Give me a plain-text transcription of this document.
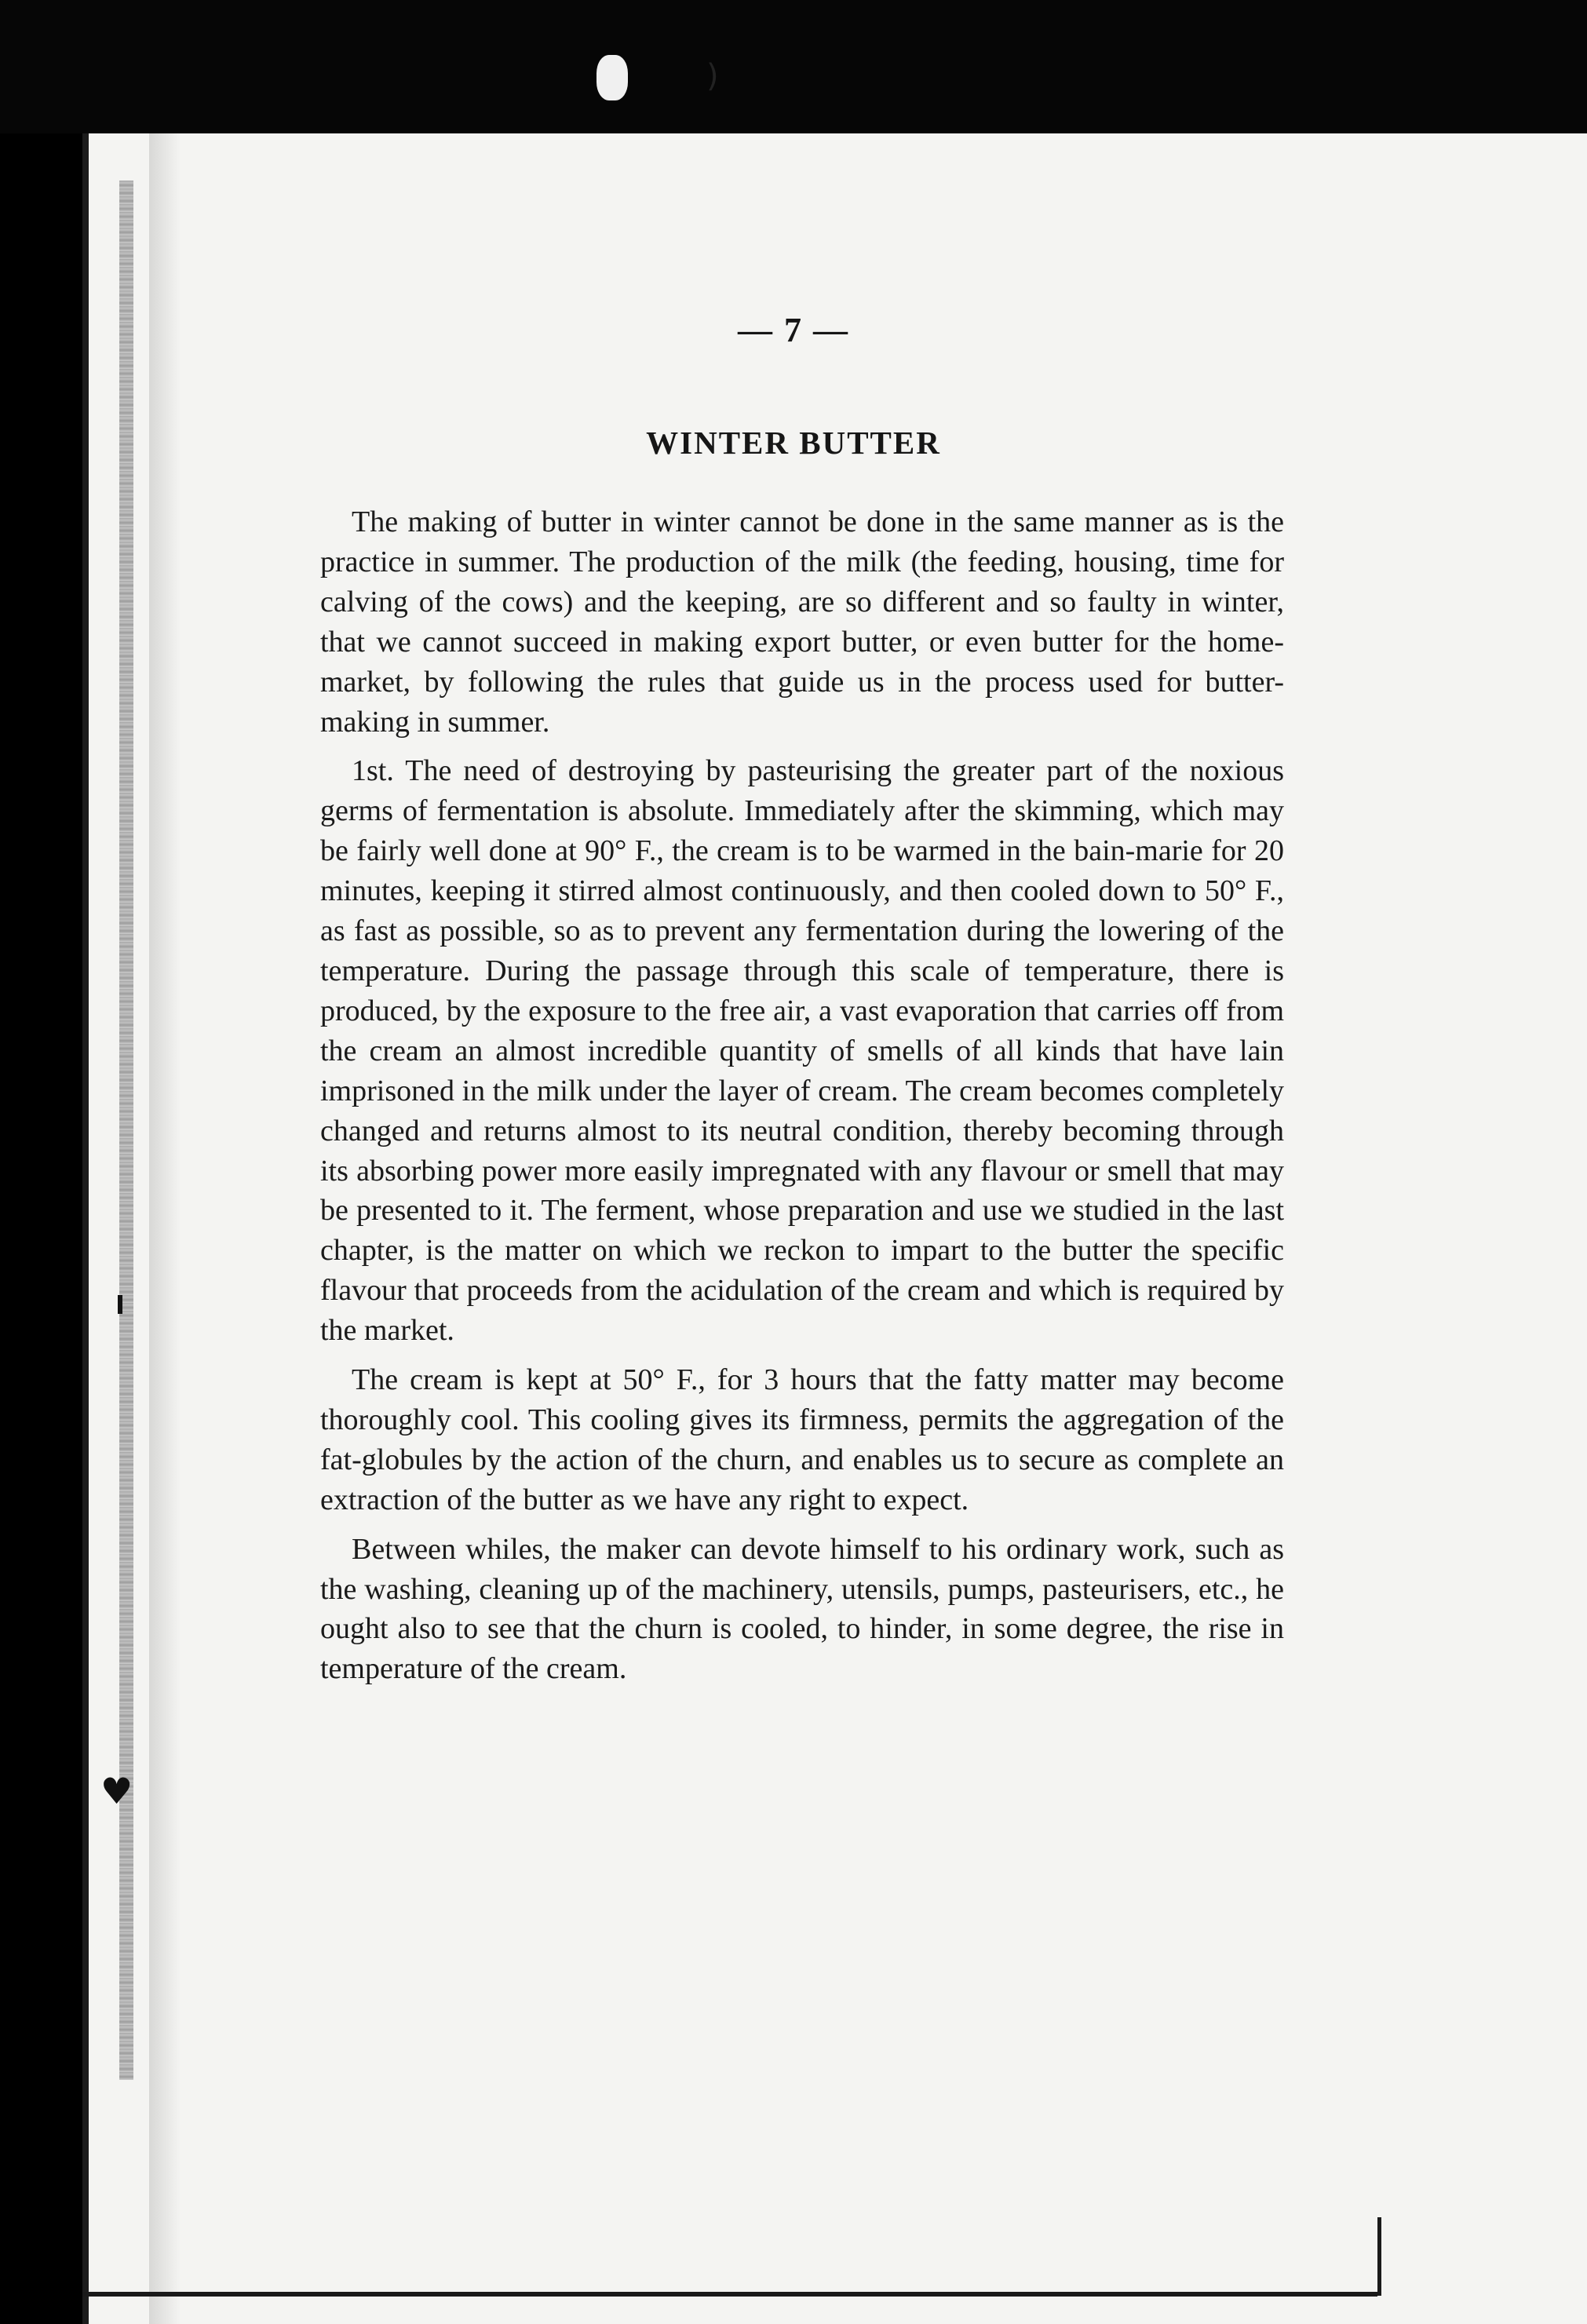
)
♥
— 7 —
WINTER BUTTER

The making of butter in winter cannot be done in the same manner as is the practice in summer. The production of the milk (the feeding, housing, time for calving of the cows) and the keeping, are so different and so faulty in winter, that we cannot succeed in making export butter, or even butter for the home-market, by following the rules that guide us in the process used for butter-making in summer.

1st. The need of destroying by pasteurising the greater part of the noxious germs of fermentation is absolute. Immediately after the skimming, which may be fairly well done at 90° F., the cream is to be warmed in the bain-marie for 20 minutes, keeping it stirred almost continuously, and then cooled down to 50° F., as fast as possible, so as to prevent any fermentation during the lowering of the temperature. During the passage through this scale of temperature, there is produced, by the exposure to the free air, a vast evaporation that carries off from the cream an almost incredible quantity of smells of all kinds that have lain imprisoned in the milk under the layer of cream. The cream becomes completely changed and returns almost to its neutral condition, thereby becoming through its absorbing power more easily impregnated with any flavour or smell that may be presented to it. The ferment, whose preparation and use we studied in the last chapter, is the matter on which we reckon to impart to the butter the specific flavour that proceeds from the acidulation of the cream and which is required by the market.

The cream is kept at 50° F., for 3 hours that the fatty matter may become thoroughly cool. This cooling gives its firmness, permits the aggregation of the fat-globules by the action of the churn, and enables us to secure as complete an extraction of the butter as we have any right to expect.

Between whiles, the maker can devote himself to his ordinary work, such as the washing, cleaning up of the machinery, utensils, pumps, pasteurisers, etc., he ought also to see that the churn is cooled, to hinder, in some degree, the rise in temperature of the cream.
